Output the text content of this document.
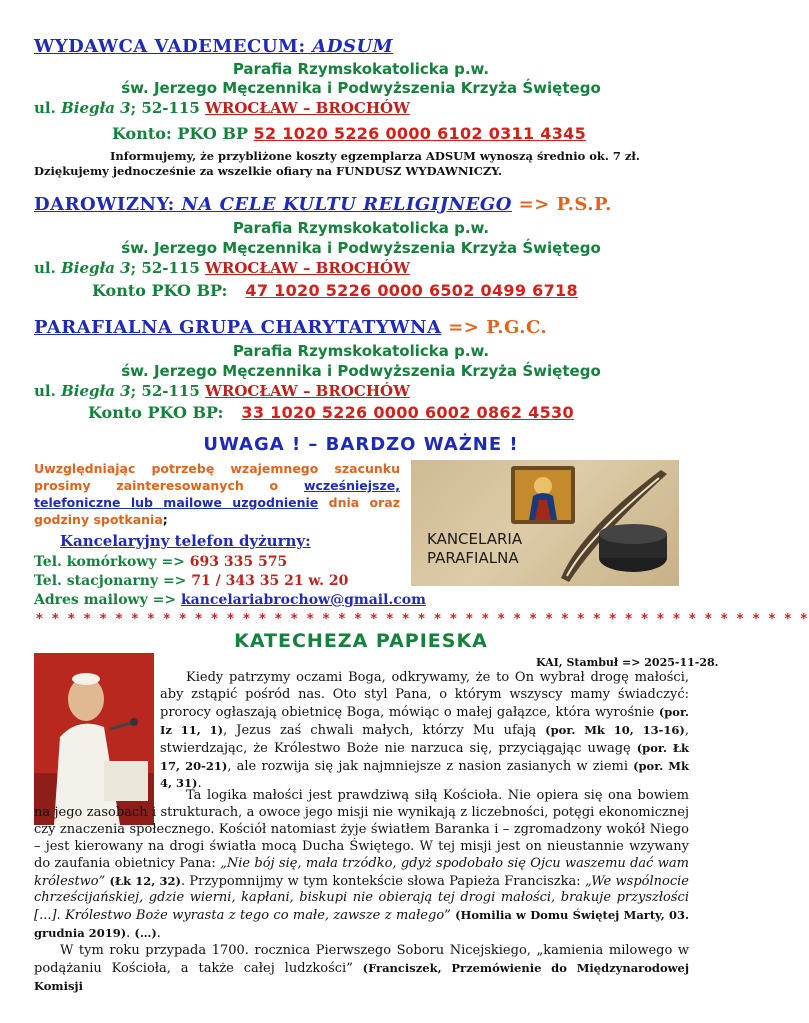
WYDAWCA VADEMECUM: ADSUM
Parafia Rzymskokatolicka p.w.
św. Jerzego Męczennika i Podwyższenia Krzyża Świętego
ul. Biegła 3; 52-115 WROCŁAW – BROCHÓW
Konto: PKO BP 52 1020 5226 0000 6102 0311 4345
Informujemy, że przybliżone koszty egzemplarza ADSUM wynoszą średnio ok. 7 zł.
Dziękujemy jednocześnie za wszelkie ofiary na FUNDUSZ WYDAWNICZY.
DAROWIZNY: NA CELE KULTU RELIGIJNEGO => P.S.P.
Parafia Rzymskokatolicka p.w.
św. Jerzego Męczennika i Podwyższenia Krzyża Świętego
ul. Biegła 3; 52-115 WROCŁAW – BROCHÓW
Konto PKO BP: 47 1020 5226 0000 6502 0499 6718
PARAFIALNA GRUPA CHARYTATYWNA => P.G.C.
Parafia Rzymskokatolicka p.w.
św. Jerzego Męczennika i Podwyższenia Krzyża Świętego
ul. Biegła 3; 52-115 WROCŁAW – BROCHÓW
Konto PKO BP: 33 1020 5226 0000 6002 0862 4530
UWAGA ! – BARDZO WAŻNE !
Uwzględniając potrzebę wzajemnego szacunku prosimy zainteresowanych o wcześniejsze, telefoniczne lub mailowe uzgodnienie dnia oraz godziny spotkania;
Kancelaryjny telefon dyżurny:
Tel. komórkowy => 693 335 575
Tel. stacjonarny => 71 / 343 35 21 w. 20
Adres mailowy => kancelariabrochow@gmail.com
KANCELARIA
PARAFIALNA
* * * * * * * * * * * * * * * * * * * * * * * * * * * * * * * * * * * * * * * * * * * * * * * * *
KATECHEZA PAPIESKA
KAI, Stambuł => 2025-11-28.

Kiedy patrzymy oczami Boga, odkrywamy, że to On wybrał drogę małości, aby zstąpić pośród nas. Oto styl Pana, o którym wszyscy mamy świadczyć: prorocy ogłaszają obietnicę Boga, mówiąc o małej gałązce, która wyrośnie (por. Iz 11, 1), Jezus zaś chwali małych, którzy Mu ufają (por. Mk 10, 13-16), stwierdzając, że Królestwo Boże nie narzuca się, przyciągając uwagę (por. Łk 17, 20-21), ale rozwija się jak najmniejsze z nasion zasianych w ziemi (por. Mk 4, 31).

Ta logika małości jest prawdziwą siłą Kościoła. Nie opiera się ona bowiem na jego zasobach i strukturach, a owoce jego misji nie wynikają z liczebności, potęgi ekonomicznej czy znaczenia społecznego. Kościół natomiast żyje światłem Baranka i – zgromadzony wokół Niego – jest kierowany na drogi światła mocą Ducha Świętego. W tej misji jest on nieustannie wzywany do zaufania obietnicy Pana: „Nie bój się, mała trzódko, gdyż spodobało się Ojcu waszemu dać wam królestwo” (Łk 12, 32). Przypomnijmy w tym kontekście słowa Papieża Franciszka: „We wspólnocie chrześcijańskiej, gdzie wierni, kapłani, biskupi nie obierają tej drogi małości, brakuje przyszłości [...]. Królestwo Boże wyrasta z tego co małe, zawsze z małego” (Homilia w Domu Świętej Marty, 03. grudnia 2019). (…).

W tym roku przypada 1700. rocznica Pierwszego Soboru Nicejskiego, „kamienia milowego w podążaniu Kościoła, a także całej ludzkości” (Franciszek, Przemówienie do Międzynarodowej Komisji
